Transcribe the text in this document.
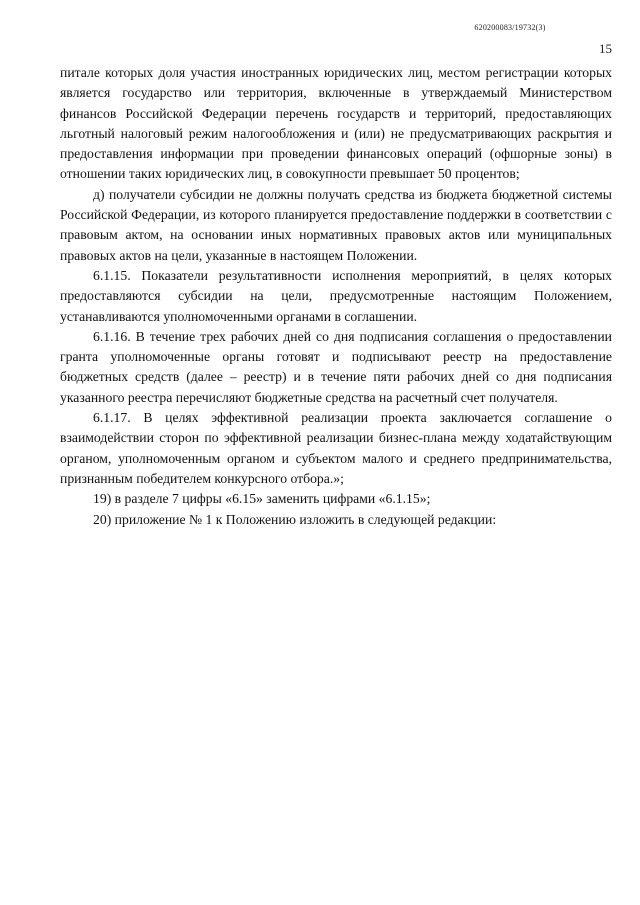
620200083/19732(3)
15

питале которых доля участия иностранных юридических лиц, местом регистрации которых является государство или территория, включенные в утверждаемый Министерством финансов Российской Федерации перечень государств и территорий, предоставляющих льготный налоговый режим налогообложения и (или) не предусматривающих раскрытия и предоставления информации при проведении финансовых операций (офшорные зоны) в отношении таких юридических лиц, в совокупности превышает 50 процентов;

д) получатели субсидии не должны получать средства из бюджета бюджетной системы Российской Федерации, из которого планируется предоставление поддержки в соответствии с правовым актом, на основании иных нормативных правовых актов или муниципальных правовых актов на цели, указанные в настоящем Положении.

6.1.15. Показатели результативности исполнения мероприятий, в целях которых предоставляются субсидии на цели, предусмотренные настоящим Положением, устанавливаются уполномоченными органами в соглашении.

6.1.16. В течение трех рабочих дней со дня подписания соглашения о предоставлении гранта уполномоченные органы готовят и подписывают реестр на предоставление бюджетных средств (далее – реестр) и в течение пяти рабочих дней со дня подписания указанного реестра перечисляют бюджетные средства на расчетный счет получателя.

6.1.17. В целях эффективной реализации проекта заключается соглашение о взаимодействии сторон по эффективной реализации бизнес-плана между ходатайствующим органом, уполномоченным органом и субъектом малого и среднего предпринимательства, признанным победителем конкурсного отбора.»;

19) в разделе 7 цифры «6.15» заменить цифрами «6.1.15»;

20) приложение № 1 к Положению изложить в следующей редакции:
